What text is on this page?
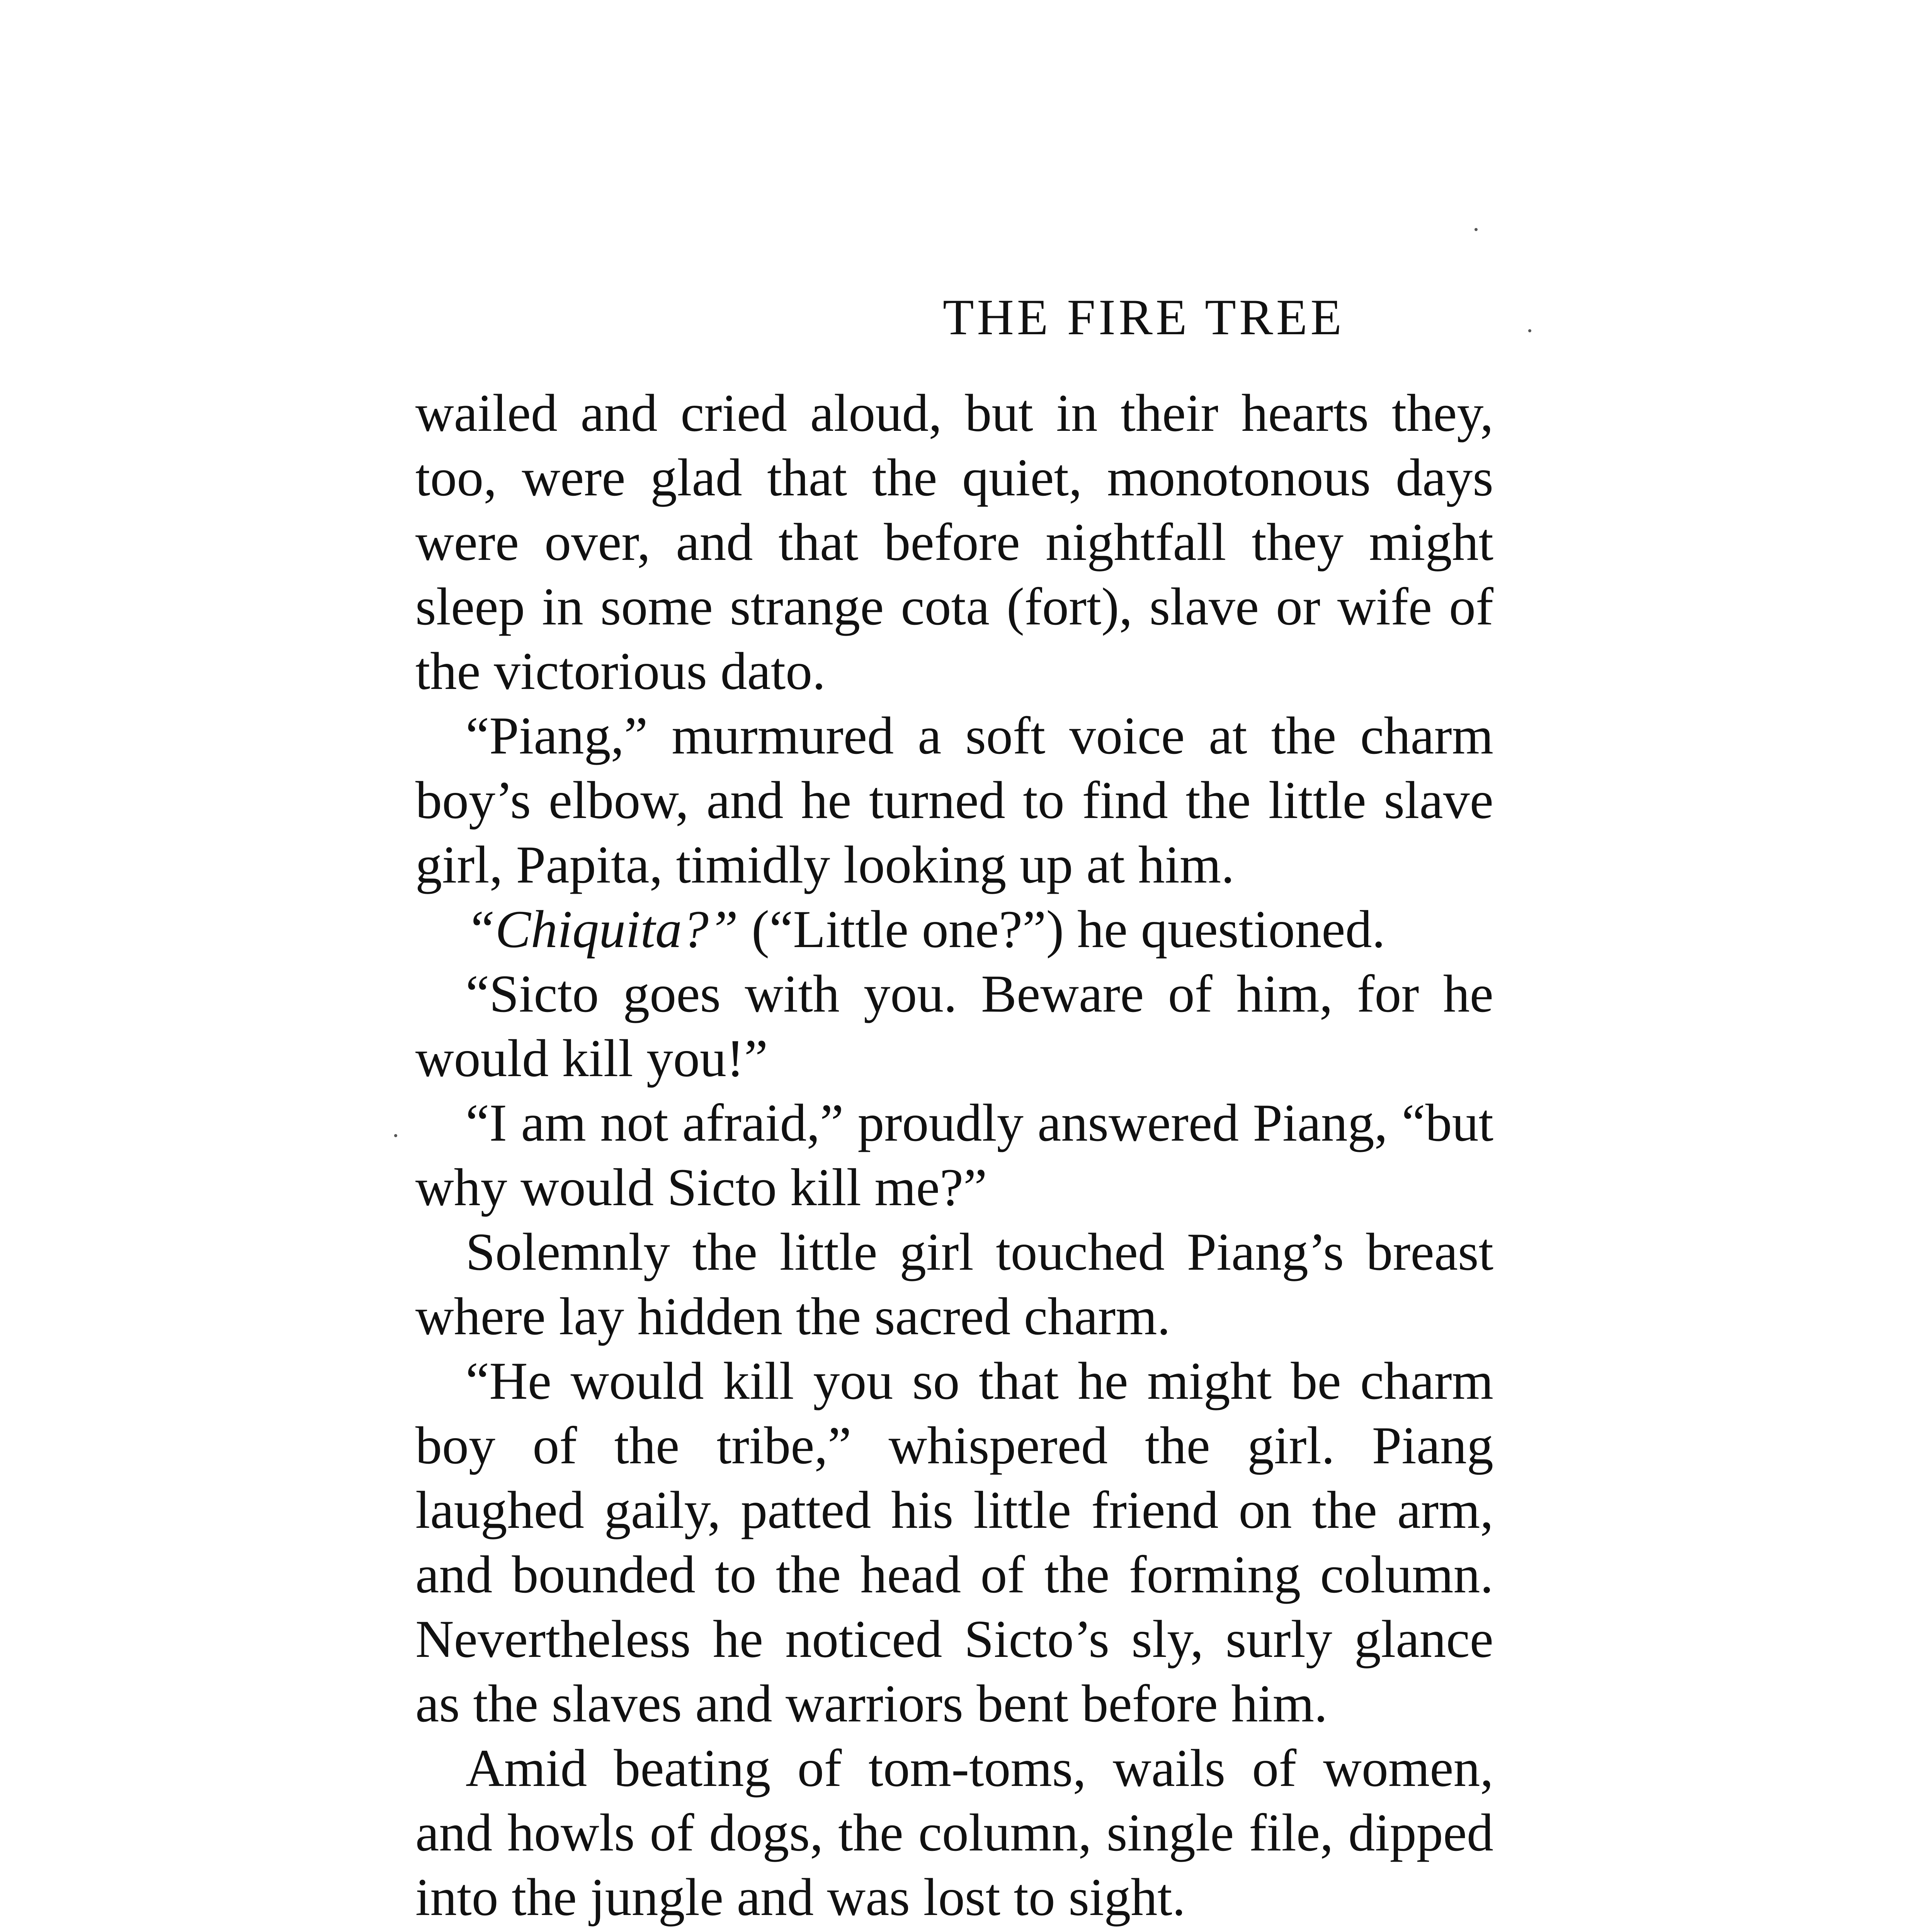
THE FIRE TREE

wailed and cried aloud, but in their hearts they, too, were glad that the quiet, monotonous days were over, and that before nightfall they might sleep in some strange cota (fort), slave or wife of the victorious dato.

“Piang,” murmured a soft voice at the charm boy’s elbow, and he turned to find the little slave girl, Papita, timidly looking up at him.

“Chiquita?” (“Little one?”) he questioned.

“Sicto goes with you. Beware of him, for he would kill you!”

“I am not afraid,” proudly answered Piang, “but why would Sicto kill me?”

Solemnly the little girl touched Piang’s breast where lay hidden the sacred charm.

“He would kill you so that he might be charm boy of the tribe,” whispered the girl. Piang laughed gaily, patted his little friend on the arm, and bounded to the head of the forming column. Nevertheless he noticed Sicto’s sly, surly glance as the slaves and warriors bent before him.

Amid beating of tom-toms, wails of women, and howls of dogs, the column, single file, dipped into the jungle and was lost to sight.
